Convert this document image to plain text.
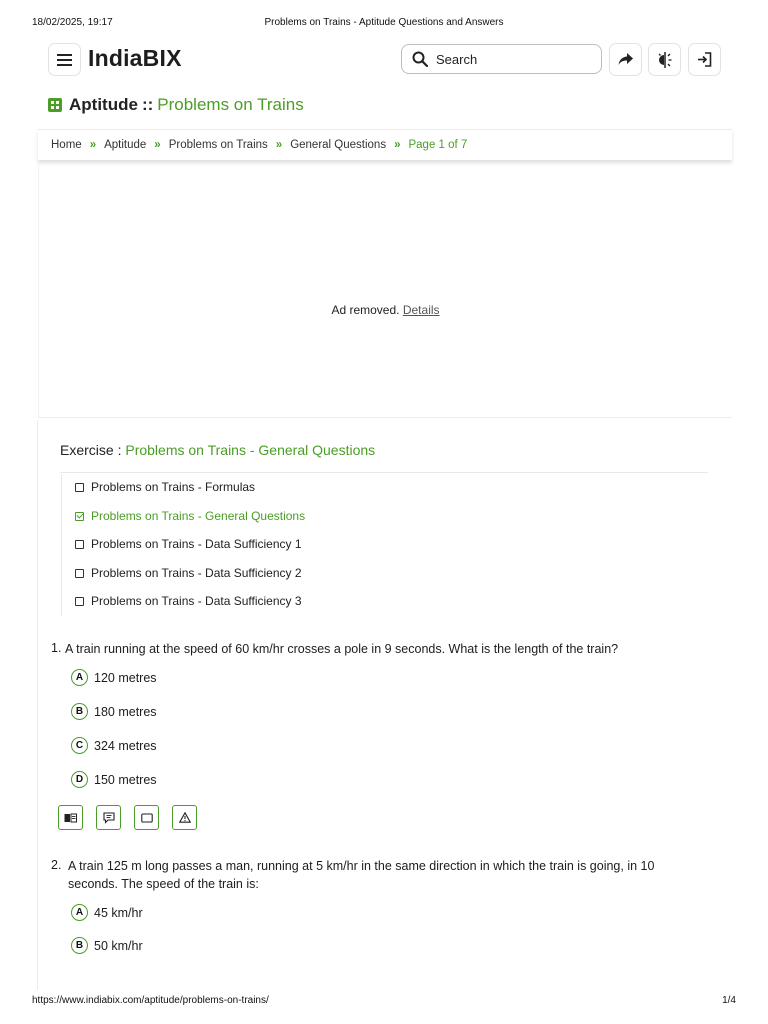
18/02/2025, 19:17	Problems on Trains - Aptitude Questions and Answers
IndiaBIX	Search
Aptitude :: Problems on Trains
Home » Aptitude » Problems on Trains » General Questions » Page 1 of 7
Ad removed. Details
Exercise : Problems on Trains - General Questions
Problems on Trains - Formulas
Problems on Trains - General Questions
Problems on Trains - Data Sufficiency 1
Problems on Trains - Data Sufficiency 2
Problems on Trains - Data Sufficiency 3
1. A train running at the speed of 60 km/hr crosses a pole in 9 seconds. What is the length of the train?
A 120 metres
B 180 metres
C 324 metres
D 150 metres
2. A train 125 m long passes a man, running at 5 km/hr in the same direction in which the train is going, in 10
seconds. The speed of the train is:
A 45 km/hr
B 50 km/hr
https://www.indiabix.com/aptitude/problems-on-trains/	1/4
